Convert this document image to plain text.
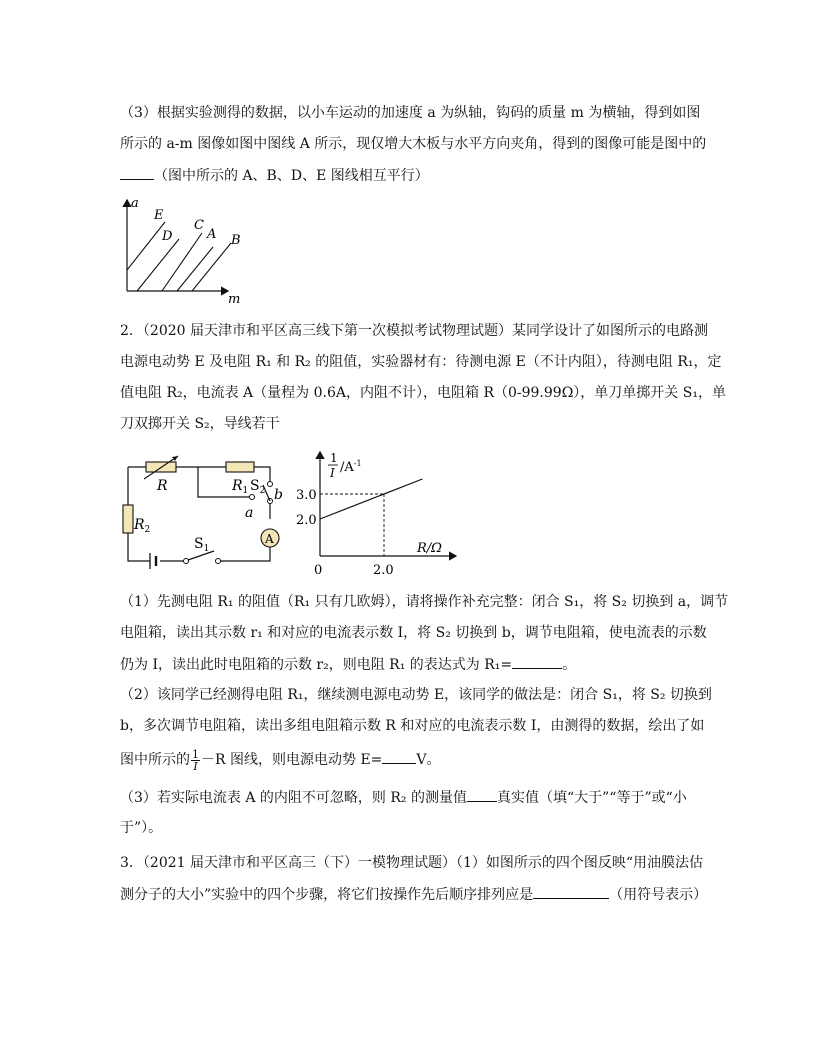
（3）根据实验测得的数据，以小车运动的加速度 a 为纵轴，钩码的质量 m 为横轴，得到如图
所示的 a-m 图像如图中图线 A 所示，现仅增大木板与水平方向夹角，得到的图像可能是图中的
（图中所示的 A、B、D、E 图线相互平行）
a
m
E
D
C
A B
2．（2020 届天津市和平区高三线下第一次模拟考试物理试题）某同学设计了如图所示的电路测
电源电动势 E 及电阻 R₁ 和 R₂ 的阻值，实验器材有：待测电源 E（不计内阻），待测电阻 R₁，定
值电阻 R₂，电流表 A（量程为 0.6A，内阻不计），电阻箱 R（0-99.99Ω），单刀单掷开关 S₁，单
刀双掷开关 S₂，导线若干
R	$R_1$
$R_2$
$S_2$ b
a
A
$S_1$
1
I $/A^{-1}$
R/Ω
3.0
2.0
0	2.0
（1）先测电阻 R₁ 的阻值（R₁ 只有几欧姆），请将操作补充完整：闭合 S₁，将 S₂ 切换到 a，调节
电阻箱，读出其示数 r₁ 和对应的电流表示数 I，将 S₂ 切换到 b，调节电阻箱，使电流表的示数
仍为 I，读出此时电阻箱的示数 r₂，则电阻 R₁ 的表达式为 R₁=	。
（2）该同学已经测得电阻 R₁，继续测电源电动势 E，该同学的做法是：闭合 S₁，将 S₂ 切换到
b，多次调节电阻箱，读出多组电阻箱示数 R 和对应的电流表示数 I，由测得的数据，绘出了如
图中所示的 $\frac{1}{I} -R$ 图线，则电源电动势 E= V。
（3）若实际电流表 A 的内阻不可忽略，则 R₂ 的测量值 真实值（填“大于”“等于”或“小
于”）。
3．（2021 届天津市和平区高三（下）一模物理试题）（1）如图所示的四个图反映“用油膜法估
测分子的大小”实验中的四个步骤，将它们按操作先后顺序排列应是	（用符号表示）
